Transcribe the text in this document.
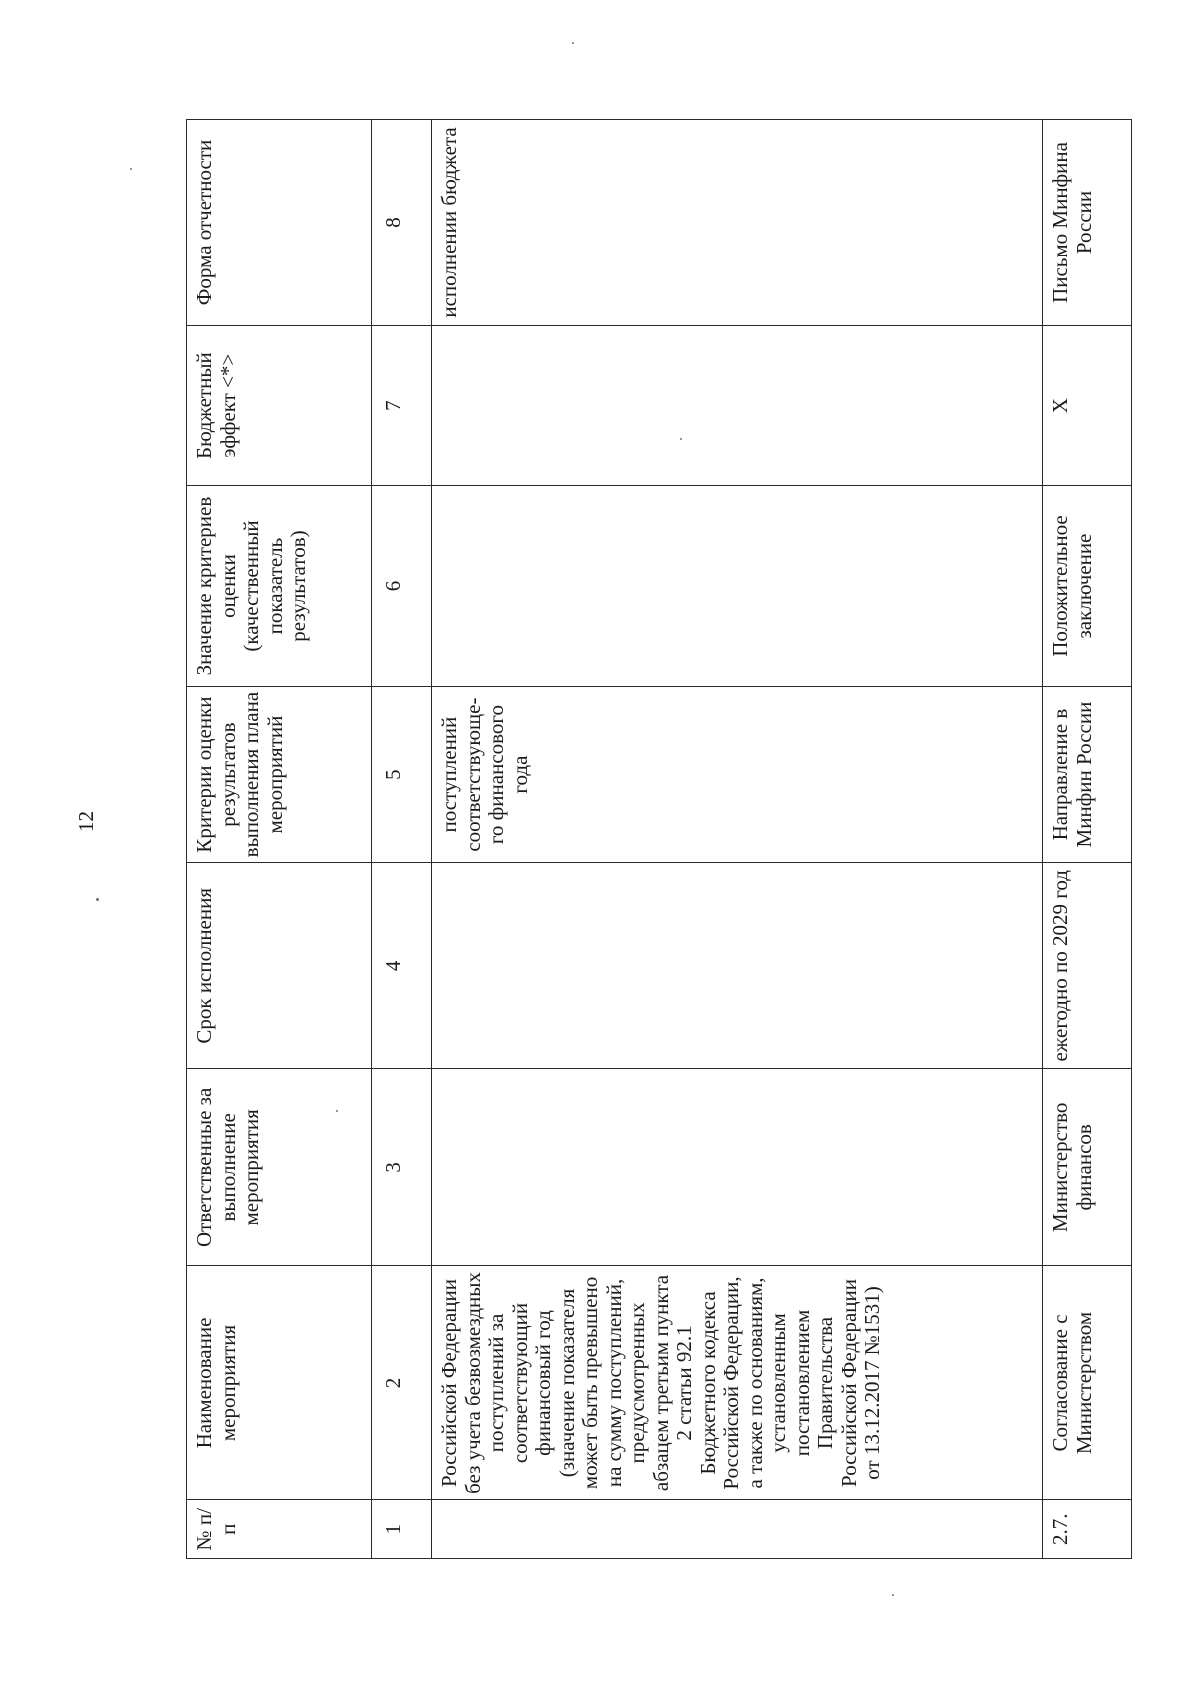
12
№ п/п	Наименование мероприятия	Ответственные за выполнение мероприятия	Срок исполнения	Критерии оценки результатов выполнения плана мероприятий	Значение критериев оценки (качественный показатель результатов)	Бюджетный эффект <*>	Форма отчетности
1	2	3	4	5	6	7	8
	Российской Федерации без учета безвозмездных поступлений за соответствующий финансовый год (значение показателя может быть превышено на сумму поступлений, предусмотренных абзацем третьим пункта 2 статьи 92.1 Бюджетного кодекса Российской Федерации, а также по основаниям, установленным постановлением Правительства Российской Федерации от 13.12.2017 №1531)			поступлений соответствующе-го финансового года			исполнении бюджета
2.7.	Согласование с Министерством	Министерство финансов	ежегодно по 2029 год	Направление в Минфин России	Положительное заключение	Х	Письмо Минфина России
